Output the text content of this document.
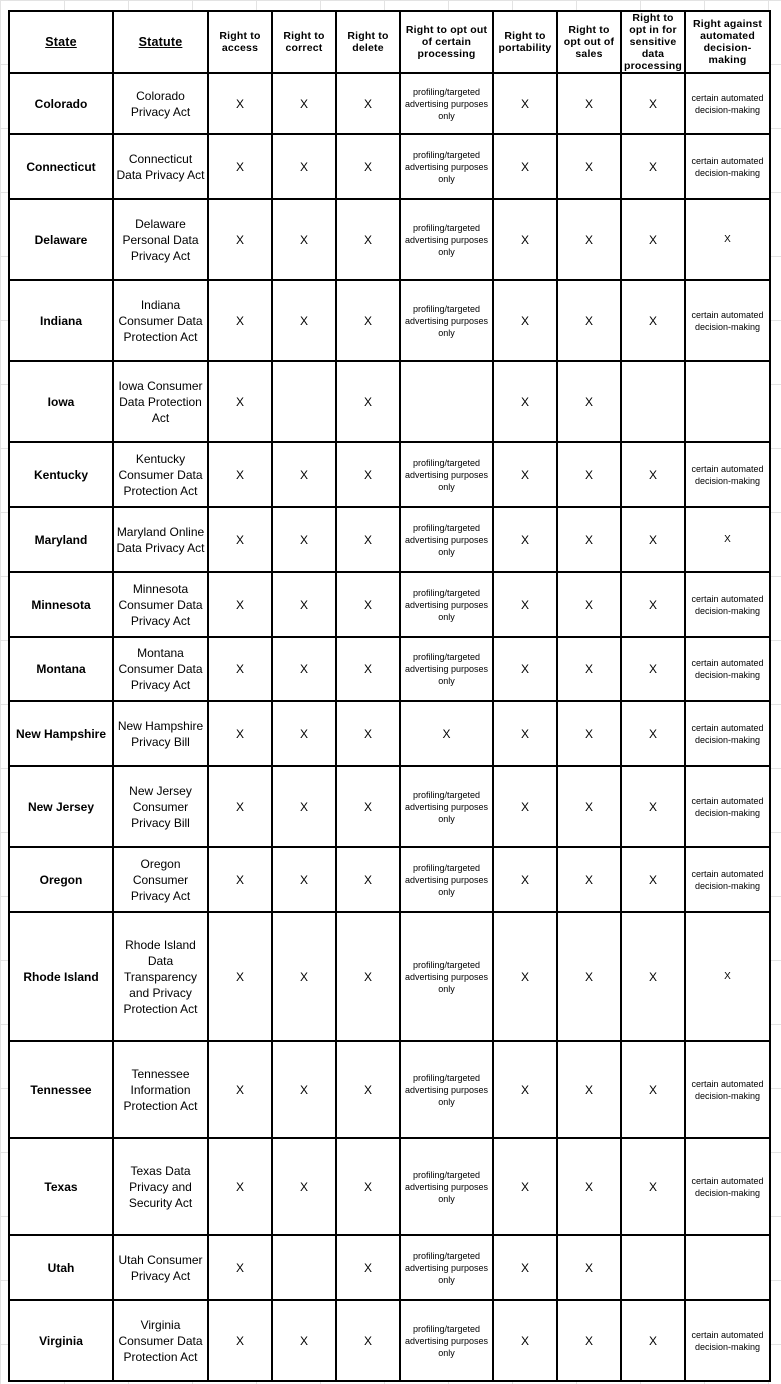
State	Statute	Right to access	Right to correct	Right to delete	Right to opt out of certain processing	Right to portability	Right to opt out of sales	Right to opt in for sensitive data processing	Right against automated decision-making
Colorado	Colorado Privacy Act	X	X	X	profiling/targeted advertising purposes only	X	X	X	certain automated decision-making
Connecticut	Connecticut Data Privacy Act	X	X	X	profiling/targeted advertising purposes only	X	X	X	certain automated decision-making
Delaware	Delaware Personal Data Privacy Act	X	X	X	profiling/targeted advertising purposes only	X	X	X	X
Indiana	Indiana Consumer Data Protection Act	X	X	X	profiling/targeted advertising purposes only	X	X	X	certain automated decision-making
Iowa	Iowa Consumer Data Protection Act	X		X		X	X		
Kentucky	Kentucky Consumer Data Protection Act	X	X	X	profiling/targeted advertising purposes only	X	X	X	certain automated decision-making
Maryland	Maryland Online Data Privacy Act	X	X	X	profiling/targeted advertising purposes only	X	X	X	X
Minnesota	Minnesota Consumer Data Privacy Act	X	X	X	profiling/targeted advertising purposes only	X	X	X	certain automated decision-making
Montana	Montana Consumer Data Privacy Act	X	X	X	profiling/targeted advertising purposes only	X	X	X	certain automated decision-making
New Hampshire	New Hampshire Privacy Bill	X	X	X	X	X	X	X	certain automated decision-making
New Jersey	New Jersey Consumer Privacy Bill	X	X	X	profiling/targeted advertising purposes only	X	X	X	certain automated decision-making
Oregon	Oregon Consumer Privacy Act	X	X	X	profiling/targeted advertising purposes only	X	X	X	certain automated decision-making
Rhode Island	Rhode Island Data Transparency and Privacy Protection Act	X	X	X	profiling/targeted advertising purposes only	X	X	X	X
Tennessee	Tennessee Information Protection Act	X	X	X	profiling/targeted advertising purposes only	X	X	X	certain automated decision-making
Texas	Texas Data Privacy and Security Act	X	X	X	profiling/targeted advertising purposes only	X	X	X	certain automated decision-making
Utah	Utah Consumer Privacy Act	X		X	profiling/targeted advertising purposes only	X	X		
Virginia	Virginia Consumer Data Protection Act	X	X	X	profiling/targeted advertising purposes only	X	X	X	certain automated decision-making
